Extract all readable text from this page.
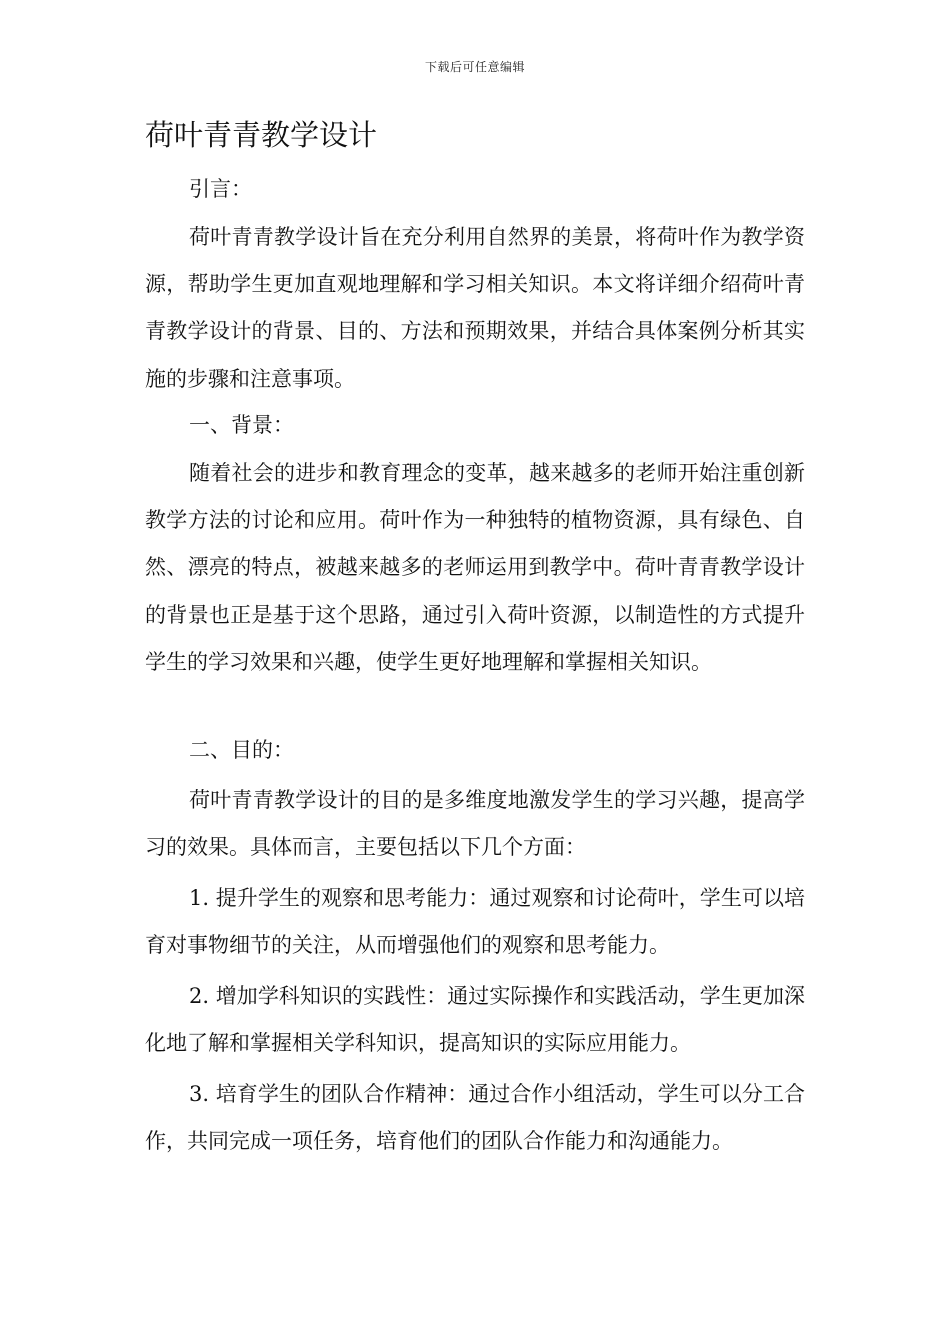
下载后可任意编辑
荷叶青青教学设计

引言：

荷叶青青教学设计旨在充分利用自然界的美景，将荷叶作为教学资源，帮助学生更加直观地理解和学习相关知识。本文将详细介绍荷叶青青教学设计的背景、目的、方法和预期效果，并结合具体案例分析其实施的步骤和注意事项。

一、背景：

随着社会的进步和教育理念的变革，越来越多的老师开始注重创新教学方法的讨论和应用。荷叶作为一种独特的植物资源，具有绿色、自然、漂亮的特点，被越来越多的老师运用到教学中。荷叶青青教学设计的背景也正是基于这个思路，通过引入荷叶资源，以制造性的方式提升学生的学习效果和兴趣，使学生更好地理解和掌握相关知识。

二、目的：

荷叶青青教学设计的目的是多维度地激发学生的学习兴趣，提高学习的效果。具体而言，主要包括以下几个方面：

1. 提升学生的观察和思考能力：通过观察和讨论荷叶，学生可以培育对事物细节的关注，从而增强他们的观察和思考能力。

2. 增加学科知识的实践性：通过实际操作和实践活动，学生更加深化地了解和掌握相关学科知识，提高知识的实际应用能力。

3. 培育学生的团队合作精神：通过合作小组活动，学生可以分工合作，共同完成一项任务，培育他们的团队合作能力和沟通能力。
